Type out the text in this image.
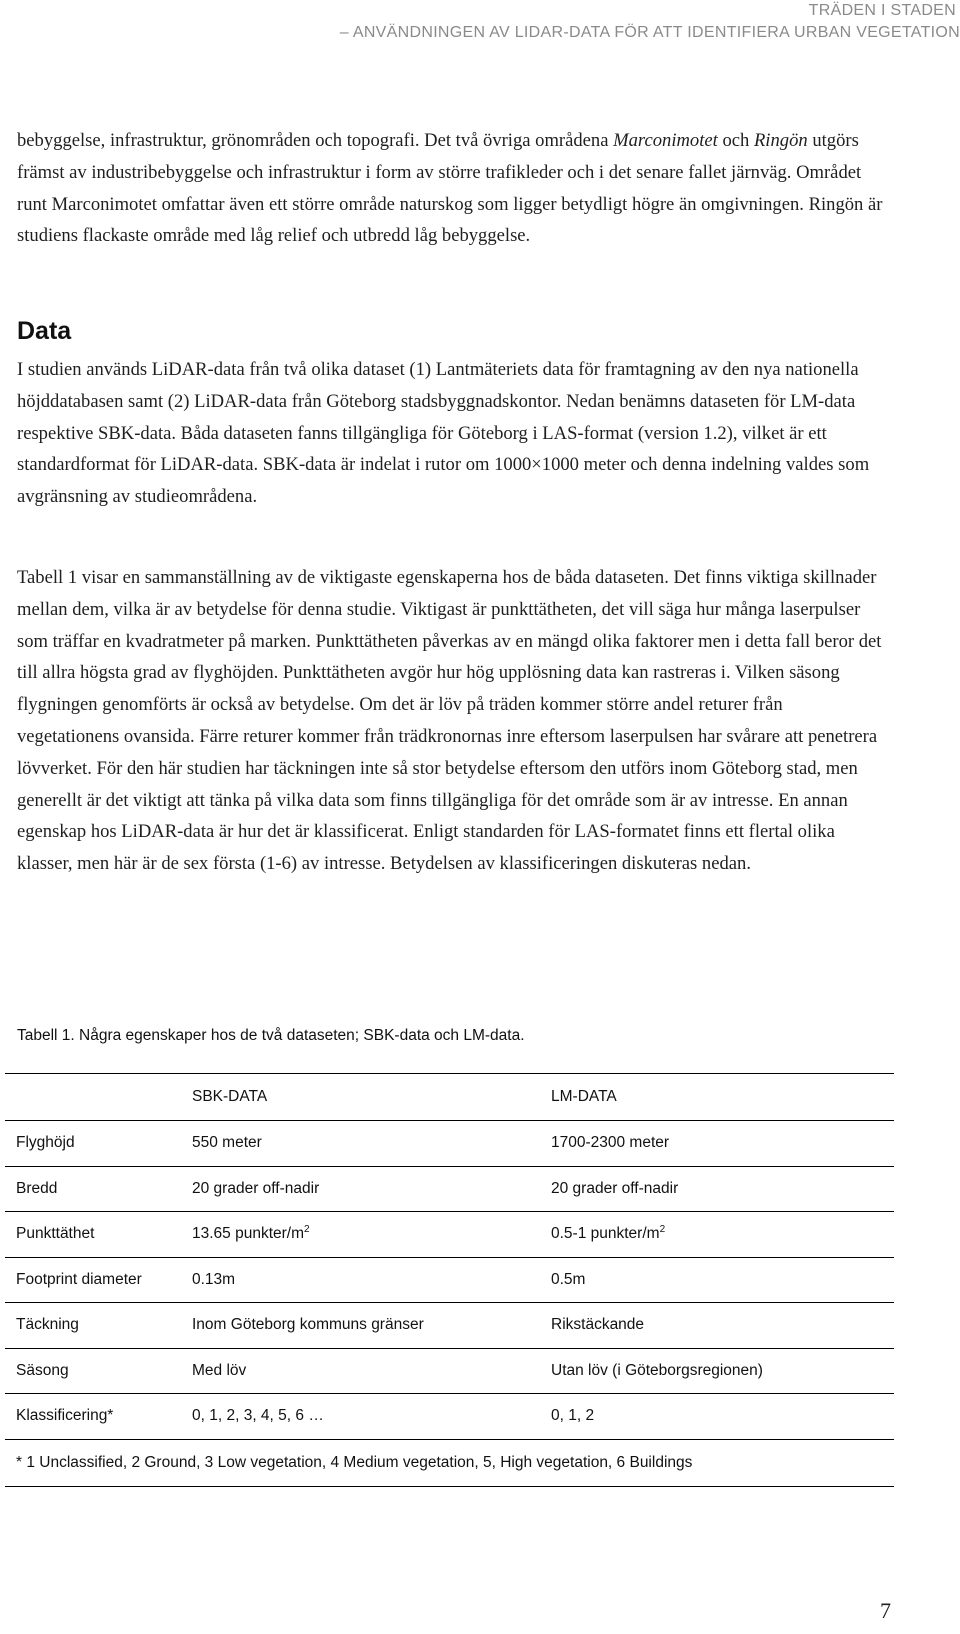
TRÄDEN I STADEN
– ANVÄNDNINGEN AV LIDAR-DATA FÖR ATT IDENTIFIERA URBAN VEGETATION
bebyggelse, infrastruktur, grönområden och topografi. Det två övriga områdena Marconimotet och Ringön utgörs främst av industribebyggelse och infrastruktur i form av större trafikleder och i det senare fallet järnväg. Området runt Marconimotet omfattar även ett större område naturskog som ligger betydligt högre än omgivningen. Ringön är studiens flackaste område med låg relief och utbredd låg bebyggelse.
Data
I studien används LiDAR-data från två olika dataset (1) Lantmäteriets data för framtagning av den nya nationella höjddatabasen samt (2) LiDAR-data från Göteborg stadsbyggnadskontor. Nedan benämns dataseten för LM-data respektive SBK-data. Båda dataseten fanns tillgängliga för Göteborg i LAS-format (version 1.2), vilket är ett standardformat för LiDAR-data. SBK-data är indelat i rutor om 1000×1000 meter och denna indelning valdes som avgränsning av studieområdena.
Tabell 1 visar en sammanställning av de viktigaste egenskaperna hos de båda dataseten. Det finns viktiga skillnader mellan dem, vilka är av betydelse för denna studie. Viktigast är punkttätheten, det vill säga hur många laserpulser som träffar en kvadratmeter på marken. Punkttätheten påverkas av en mängd olika faktorer men i detta fall beror det till allra högsta grad av flyghöjden. Punkttätheten avgör hur hög upplösning data kan rastreras i. Vilken säsong flygningen genomförts är också av betydelse. Om det är löv på träden kommer större andel returer från vegetationens ovansida. Färre returer kommer från trädkronornas inre eftersom laserpulsen har svårare att penetrera lövverket. För den här studien har täckningen inte så stor betydelse eftersom den utförs inom Göteborg stad, men generellt är det viktigt att tänka på vilka data som finns tillgängliga för det område som är av intresse. En annan egenskap hos LiDAR-data är hur det är klassificerat. Enligt standarden för LAS-formatet finns ett flertal olika klasser, men här är de sex första (1-6) av intresse. Betydelsen av klassificeringen diskuteras nedan.
Tabell 1. Några egenskaper hos de två dataseten; SBK-data och LM-data.
	SBK-DATA	LM-DATA
Flyghöjd	550 meter	1700-2300 meter
Bredd	20 grader off-nadir	20 grader off-nadir
Punkttäthet	13.65 punkter/$m^2$	0.5-1 punkter/$m^2$
Footprint diameter	0.13m	0.5m
Täckning	Inom Göteborg kommuns gränser	Rikstäckande
Säsong	Med löv	Utan löv (i Göteborgsregionen)
Klassificering*	0, 1, 2, 3, 4, 5, 6 …	0, 1, 2
* 1 Unclassified, 2 Ground, 3 Low vegetation, 4 Medium vegetation, 5, High vegetation, 6 Buildings		
7
